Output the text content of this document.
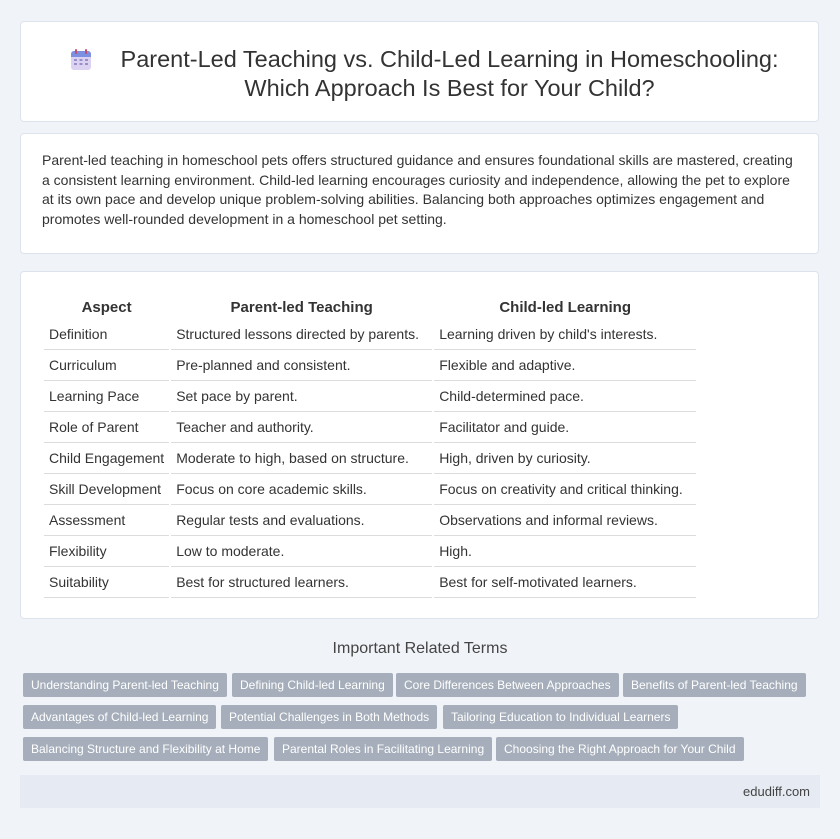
Parent-Led Teaching vs. Child-Led Learning in Homeschooling:
Which Approach Is Best for Your Child?

Parent-led teaching in homeschool pets offers structured guidance and ensures foundational skills are mastered, creating a consistent learning environment. Child-led learning encourages curiosity and independence, allowing the pet to explore at its own pace and develop unique problem-solving abilities. Balancing both approaches optimizes engagement and promotes well-rounded development in a homeschool pet setting.

Aspect	Parent-led Teaching	Child-led Learning
Definition	Structured lessons directed by parents.	Learning driven by child's interests.
Curriculum	Pre-planned and consistent.	Flexible and adaptive.
Learning Pace	Set pace by parent.	Child-determined pace.
Role of Parent	Teacher and authority.	Facilitator and guide.
Child Engagement	Moderate to high, based on structure.	High, driven by curiosity.
Skill Development	Focus on core academic skills.	Focus on creativity and critical thinking.
Assessment	Regular tests and evaluations.	Observations and informal reviews.
Flexibility	Low to moderate.	High.
Suitability	Best for structured learners.	Best for self-motivated learners.
Important Related Terms
Understanding Parent-led Teaching	Defining Child-led Learning	Core Differences Between Approaches	Benefits of Parent-led Teaching
Advantages of Child-led Learning	Potential Challenges in Both Methods	Tailoring Education to Individual Learners
Balancing Structure and Flexibility at Home	Parental Roles in Facilitating Learning	Choosing the Right Approach for Your Child
edudiff.com
